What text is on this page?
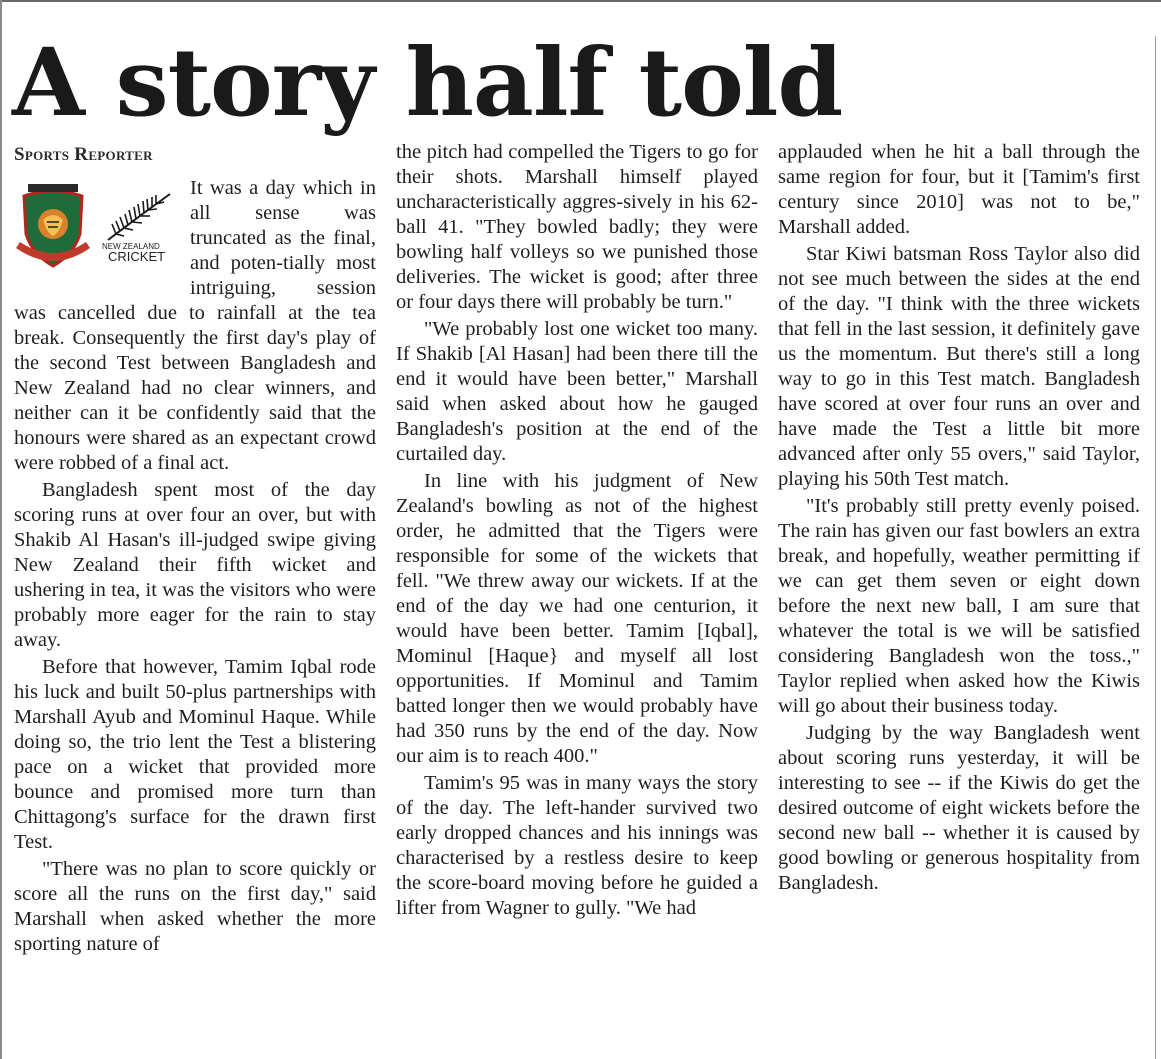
A story half told
Sports Reporter
NEW ZEALAND
CRICKET

It was a day which in all sense was truncated as the final, and poten-tially most intriguing, session was cancelled due to rainfall at the tea break. Consequently the first day's play of the second Test between Bangladesh and New Zealand had no clear winners, and neither can it be confidently said that the honours were shared as an expectant crowd were robbed of a final act.

Bangladesh spent most of the day scoring runs at over four an over, but with Shakib Al Hasan's ill-judged swipe giving New Zealand their fifth wicket and ushering in tea, it was the visitors who were probably more eager for the rain to stay away.

Before that however, Tamim Iqbal rode his luck and built 50-plus partnerships with Marshall Ayub and Mominul Haque. While doing so, the trio lent the Test a blistering pace on a wicket that provided more bounce and promised more turn than Chittagong's surface for the drawn first Test.

"There was no plan to score quickly or score all the runs on the first day," said Marshall when asked whether the more sporting nature of

the pitch had compelled the Tigers to go for their shots. Marshall himself played uncharacteristically aggres-sively in his 62-ball 41. "They bowled badly; they were bowling half volleys so we punished those deliveries. The wicket is good; after three or four days there will probably be turn."

"We probably lost one wicket too many. If Shakib [Al Hasan] had been there till the end it would have been better," Marshall said when asked about how he gauged Bangladesh's position at the end of the curtailed day.

In line with his judgment of New Zealand's bowling as not of the highest order, he admitted that the Tigers were responsible for some of the wickets that fell. "We threw away our wickets. If at the end of the day we had one centurion, it would have been better. Tamim [Iqbal], Mominul [Haque} and myself all lost opportunities. If Mominul and Tamim batted longer then we would probably have had 350 runs by the end of the day. Now our aim is to reach 400."

Tamim's 95 was in many ways the story of the day. The left-hander survived two early dropped chances and his innings was characterised by a restless desire to keep the score-board moving before he guided a lifter from Wagner to gully. "We had

applauded when he hit a ball through the same region for four, but it [Tamim's first century since 2010] was not to be," Marshall added.

Star Kiwi batsman Ross Taylor also did not see much between the sides at the end of the day. "I think with the three wickets that fell in the last session, it definitely gave us the momentum. But there's still a long way to go in this Test match. Bangladesh have scored at over four runs an over and have made the Test a little bit more advanced after only 55 overs," said Taylor, playing his 50th Test match.

"It's probably still pretty evenly poised. The rain has given our fast bowlers an extra break, and hopefully, weather permitting if we can get them seven or eight down before the next new ball, I am sure that whatever the total is we will be satisfied considering Bangladesh won the toss.," Taylor replied when asked how the Kiwis will go about their business today.

Judging by the way Bangladesh went about scoring runs yesterday, it will be interesting to see -- if the Kiwis do get the desired outcome of eight wickets before the second new ball -- whether it is caused by good bowling or generous hospitality from Bangladesh.
